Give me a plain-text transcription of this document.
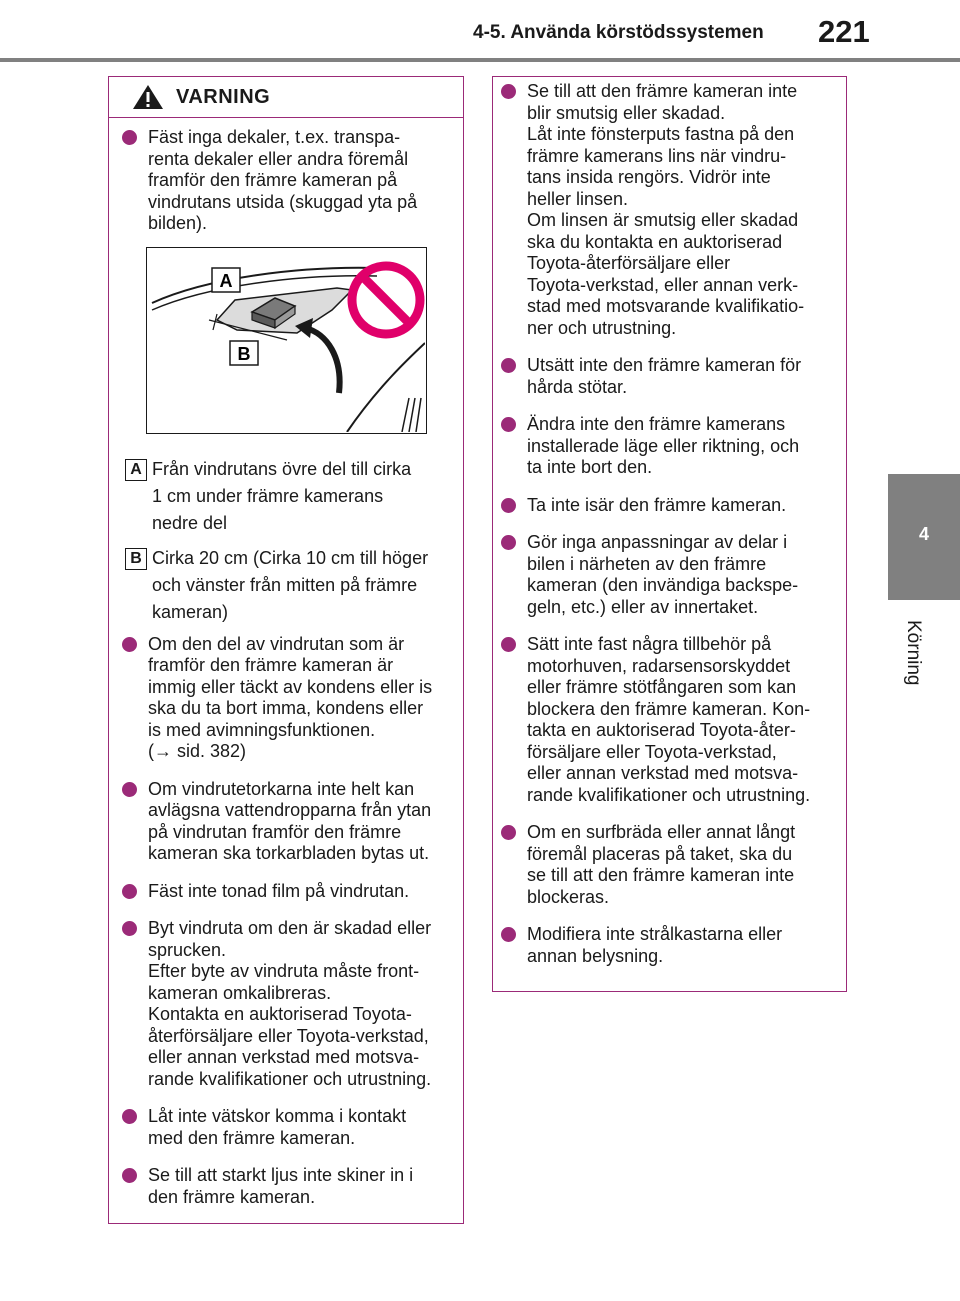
4-5. Använda körstödssystemen 221
4
Körning
VARNING
Fäst inga dekaler, t.ex. transpa-
renta dekaler eller andra föremål
framför den främre kameran på
vindrutans utsida (skuggad yta på
bilden).
A Från vindrutans övre del till cirka
1 cm under främre kamerans
nedre del
B Cirka 20 cm (Cirka 10 cm till höger
och vänster från mitten på främre
kameran)
Om den del av vindrutan som är
framför den främre kameran är
immig eller täckt av kondens eller is
ska du ta bort imma, kondens eller
is med avimningsfunktionen.
(→ sid. 382)
Om vindrutetorkarna inte helt kan
avlägsna vattendropparna från ytan
på vindrutan framför den främre
kameran ska torkarbladen bytas ut.
Fäst inte tonad film på vindrutan.
Byt vindruta om den är skadad eller
sprucken.
Efter byte av vindruta måste front-
kameran omkalibreras.
Kontakta en auktoriserad Toyota-
återförsäljare eller Toyota-verkstad,
eller annan verkstad med motsva-
rande kvalifikationer och utrustning.
Låt inte vätskor komma i kontakt
med den främre kameran.
Se till att starkt ljus inte skiner in i
den främre kameran.
A
B
Se till att den främre kameran inte
blir smutsig eller skadad.
Låt inte fönsterputs fastna på den
främre kamerans lins när vindru-
tans insida rengörs. Vidrör inte
heller linsen.
Om linsen är smutsig eller skadad
ska du kontakta en auktoriserad
Toyota-återförsäljare eller
Toyota-verkstad, eller annan verk-
stad med motsvarande kvalifikatio-
ner och utrustning.
Utsätt inte den främre kameran för
hårda stötar.
Ändra inte den främre kamerans
installerade läge eller riktning, och
ta inte bort den.
Ta inte isär den främre kameran.
Gör inga anpassningar av delar i
bilen i närheten av den främre
kameran (den invändiga backspe-
geln, etc.) eller av innertaket.
Sätt inte fast några tillbehör på
motorhuven, radarsensorskyddet
eller främre stötfångaren som kan
blockera den främre kameran. Kon-
takta en auktoriserad Toyota-åter-
försäljare eller Toyota-verkstad,
eller annan verkstad med motsva-
rande kvalifikationer och utrustning.
Om en surfbräda eller annat långt
föremål placeras på taket, ska du
se till att den främre kameran inte
blockeras.
Modifiera inte strålkastarna eller
annan belysning.
